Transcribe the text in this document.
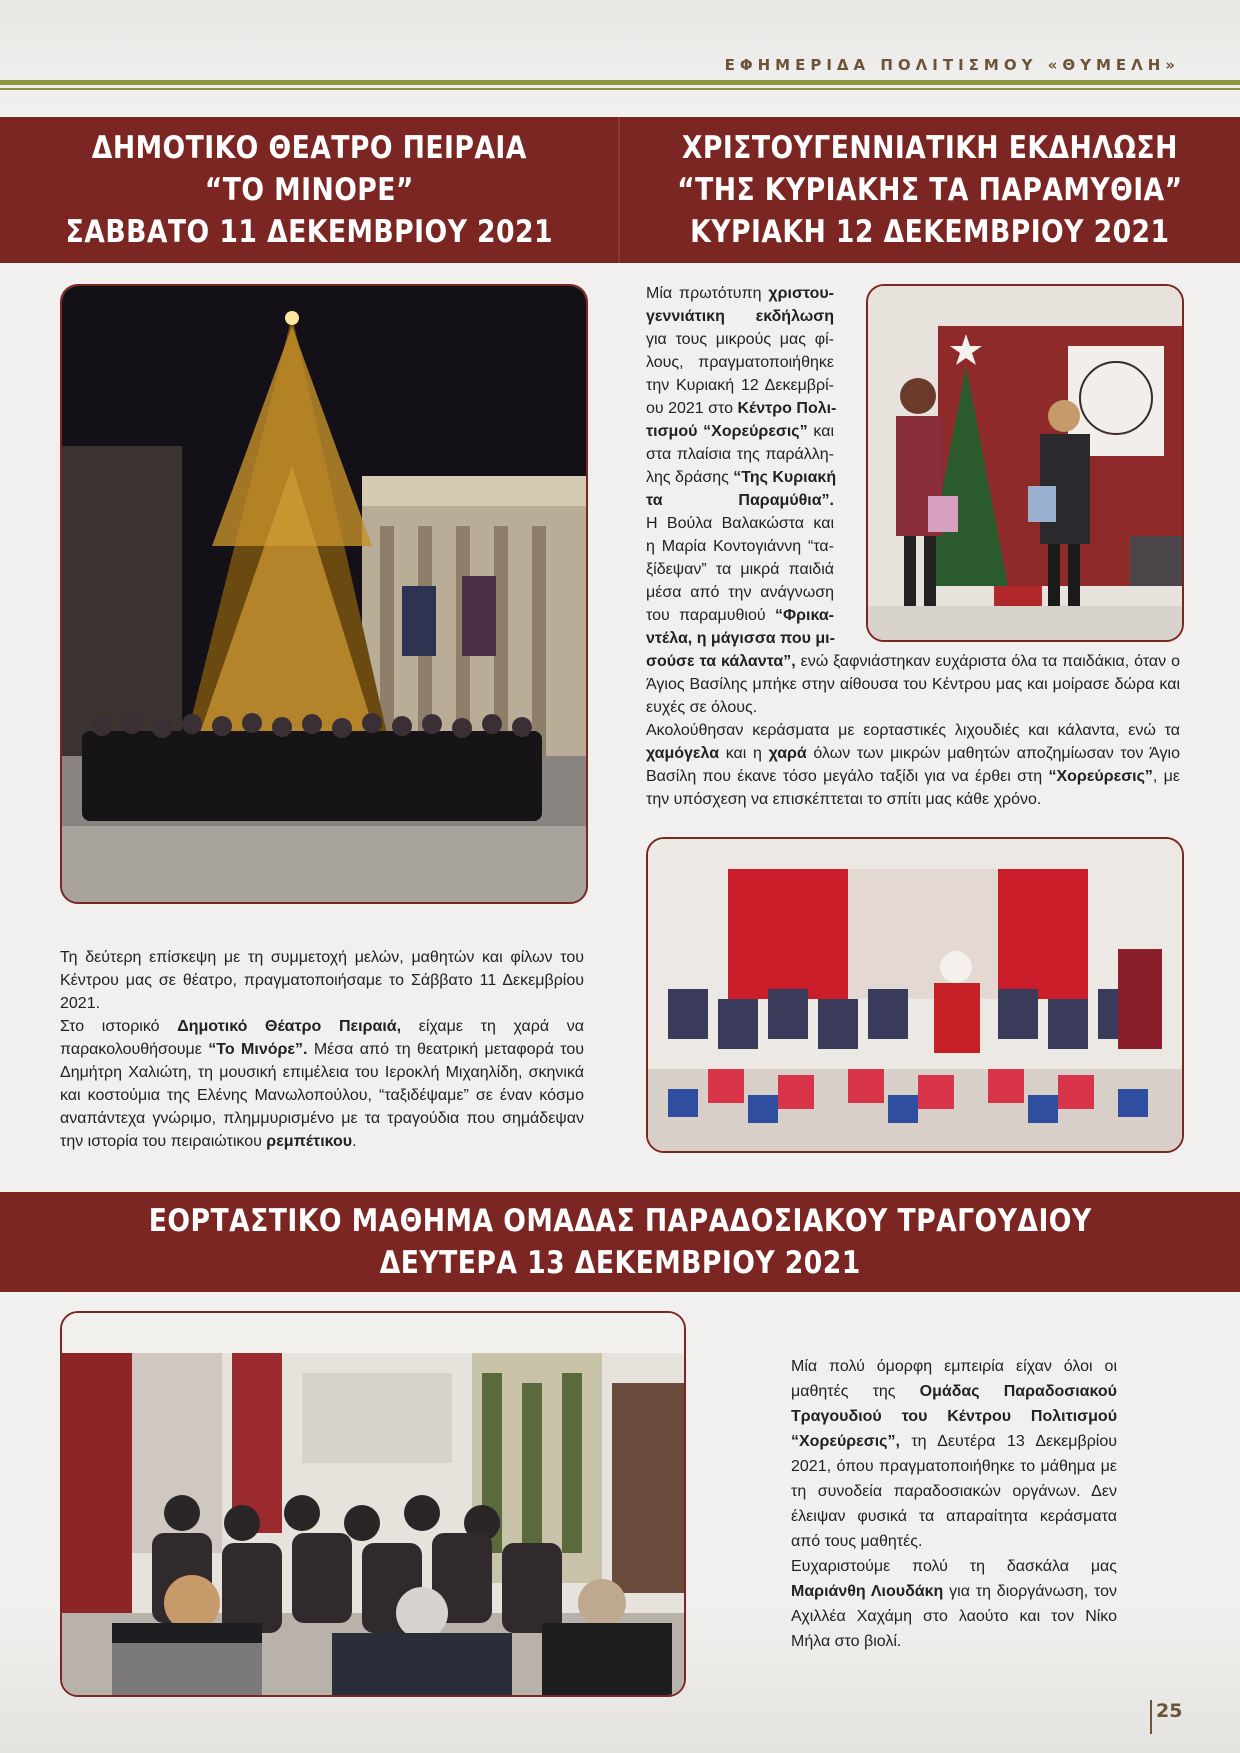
ΕΦΗΜΕΡΙΔΑ ΠΟΛΙΤΙΣΜΟΥ «ΘΥΜΕΛΗ»
ΔΗΜΟΤΙΚΟ ΘΕΑΤΡΟ ΠΕΙΡΑΙΑ
“ΤΟ ΜΙΝΟΡΕ”
ΣΑΒΒΑΤΟ 11 ΔΕΚΕΜΒΡΙΟΥ 2021
ΧΡΙΣΤΟΥΓΕΝΝΙΑΤΙΚΗ ΕΚΔΗΛΩΣΗ
“ΤΗΣ ΚΥΡΙΑΚΗΣ ΤΑ ΠΑΡΑΜΥΘΙΑ”
ΚΥΡΙΑΚΗ 12 ΔΕΚΕΜΒΡΙΟΥ 2021

Τη δεύτερη επίσκεψη με τη συμμετοχή μελών, μαθητών και φίλων του Κέντρου μας σε θέατρο, πραγματοποιήσαμε το Σάββατο 11 Δεκεμβρίου 2021.

Στο ιστορικό Δημοτικό Θέατρο Πειραιά, είχαμε τη χαρά να παρακολουθήσουμε “Το Μινόρε”. Μέσα από τη θεατρική μεταφορά του Δημήτρη Χαλιώτη, τη μουσική επιμέλεια του Ιεροκλή Μιχαηλίδη, σκηνικά και κοστούμια της Ελένης Μανωλοπούλου, “ταξιδέψαμε” σε έναν κόσμο αναπάντεχα γνώριμο, πλημμυρισμένο με τα τραγούδια που σημάδεψαν την ιστορία του πειραιώτικου ρεμπέτικου.

Μία πρωτότυπη χριστου-
γεννιάτικη      εκδήλωση
για τους μικρούς μας φί-
λους, πραγματοποιήθηκε
την Κυριακή 12 Δεκεμβρί-
ου 2021 στο Κέντρο Πολι-
τισμού “Χορεύρεσις” και
στα πλαίσια της παράλλη-
λης δράσης “Της Κυριακή
τα Παραμύθια”.
Η Βούλα Βαλακώστα και
η Μαρία Κοντογιάννη “τα-
ξίδεψαν” τα μικρά παιδιά
μέσα από την ανάγνωση
του παραμυθιού “Φρικα-
ντέλα, η μάγισσα που μι-

σούσε τα κάλαντα”, ενώ ξαφνιάστηκαν ευχάριστα όλα τα παιδάκια, όταν ο Άγιος Βασίλης μπήκε στην αίθουσα του Κέντρου μας και μοίρασε δώρα και ευχές σε όλους.

Ακολούθησαν κεράσματα με εορταστικές λιχουδιές και κάλαντα, ενώ τα χαμόγελα και η χαρά όλων των μικρών μαθητών αποζημίωσαν τον Άγιο Βασίλη που έκανε τόσο μεγάλο ταξίδι για να έρθει στη “Χορεύρεσις”, με την υπόσχεση να επισκέπτεται το σπίτι μας κάθε χρόνο.

ΕΟΡΤΑΣΤΙΚΟ ΜΑΘΗΜΑ ΟΜΑΔΑΣ ΠΑΡΑΔΟΣΙΑΚΟΥ ΤΡΑΓΟΥΔΙΟΥ
ΔΕΥΤΕΡΑ 13 ΔΕΚΕΜΒΡΙΟΥ 2021

Μία πολύ όμορφη εμπειρία είχαν όλοι οι μαθητές της Ομάδας Παραδοσιακού Τραγουδιού του Κέντρου Πολιτισμού “Χορεύρεσις”, τη Δευτέρα 13 Δεκεμβρίου 2021, όπου πραγματοποιήθηκε το μάθημα με τη συνοδεία παραδοσιακών οργάνων. Δεν έλειψαν φυσικά τα απαραίτητα κεράσματα από τους μαθητές.

Ευχαριστούμε πολύ τη δασκάλα μας Μαριάνθη Λιουδάκη για τη διοργάνωση, τον Αχιλλέα Χαχάμη στο λαούτο και τον Νίκο Μήλα στο βιολί.

25
